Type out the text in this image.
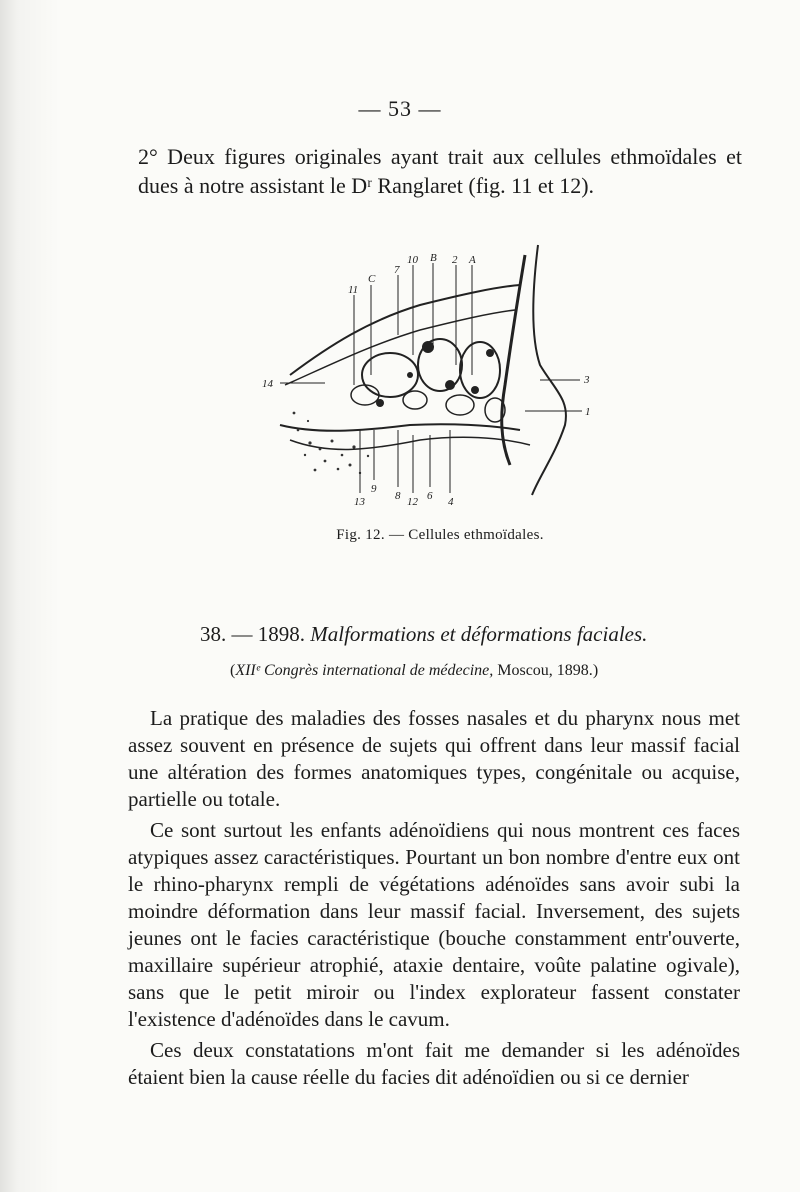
— 53 —

2° Deux figures originales ayant trait aux cellules ethmoïdales et dues à notre assistant le Dʳ Ranglaret (fig. 11 et 12).

11
C
7
10 B 2 A
14	3
1
13
9
8 12 6 4
Fig. 12. — Cellules ethmoïdales.
38. — 1898. Malformations et déformations faciales.
(XIIᵉ Congrès international de médecine, Moscou, 1898.)

La pratique des maladies des fosses nasales et du pharynx nous met assez souvent en présence de sujets qui offrent dans leur massif facial une altération des formes anatomiques types, congénitale ou acquise, partielle ou totale.

Ce sont surtout les enfants adénoïdiens qui nous montrent ces faces atypiques assez caractéristiques. Pourtant un bon nombre d'entre eux ont le rhino-pharynx rempli de végétations adénoïdes sans avoir subi la moindre déformation dans leur massif facial. Inversement, des sujets jeunes ont le facies caractéristique (bouche constamment entr'ouverte, maxillaire supérieur atrophié, ataxie dentaire, voûte palatine ogivale), sans que le petit miroir ou l'index explorateur fassent constater l'existence d'adénoïdes dans le cavum.

Ces deux constatations m'ont fait me demander si les adénoïdes étaient bien la cause réelle du facies dit adénoïdien ou si ce dernier
